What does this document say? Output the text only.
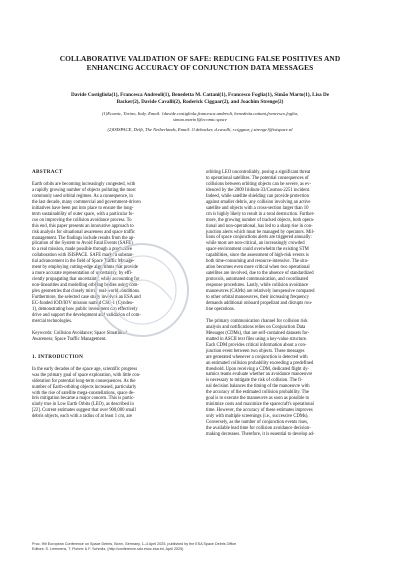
COLLABORATIVE VALIDATION OF SAFE: REDUCING FALSE POSITIVES AND
ENHANCING ACCURACY OF CONJUNCTION DATA MESSAGES
Davide Costigliola(1), Francesca Andreoli(1), Benedetta M. Cattani(1), Francesco Foglia(1), Simão Marto(1), Lisa De
Backer(2), Davide Cavalli(2), Roderick Ciggaar(2), and Joachim Strenge(2)
(1)Ecomic, Torino, Italy. Email: {davide.costigliola,francesca.andreoli, benedetta.cattani,francesco.foglia,
simao.marto}@ecomic.space
(2)ISISPACE, Delft, The Netherlands, Email: {l.debacker, d.cavalli, r.ciggaar, j.strenge}@isispace.nl
ABSTRACT
Earth orbits are becoming increasingly congested, with
a rapidly growing number of objects polluting the most
commonly used orbital regimes. As a consequence, in
the last decade, many commercial and government-driven
initiatives have been put into place to ensure the long-
term sustainability of outer space, with a particular fo-
cus on improving the collision avoidance process. To
this end, this paper presents an innovative approach to
risk analysis for situational awareness and space traffic
management. The findings include results from the ap-
plication of the System to Avoid Fatal Events (SAFE)
to a real mission, made possible through a productive
collaboration with ISISPACE. SAFE marks a substan-
tial advancement in the field of Space Traffic Manage-
ment by employing cutting-edge algorithms that provide
a more accurate representation of uncertainty, by effi-
ciently propagating that uncertainty, while accounting for
non-linearities and modelling orbiting bodies using com-
plex geometries that closely mirror real-world conditions.
Furthermore, the selected case study involves an ESA and
EC-funded IOD/IOV mission named CSC-1 (Cyndeo-
1), demonstrating how public investment can effectively
drive and support the development and validation of com-
mercial technologies.
Keywords: Collision Avoidance; Space Situational
Awareness; Space Traffic Management.
1. INTRODUCTION
In the early decades of the space age, scientific progress
was the primary goal of space exploration, with little con-
sideration for potential long-term consequences. As the
number of Earth-orbiting objects increased, particularly
with the rise of satellite mega-constellations, space de-
bris mitigation became a major concern. This is partic-
ularly true in Low Earth Orbits (LEO), as described in
[22]. Current estimates suggest that over 900,000 small
debris objects, each with a radius of at least 1 cm, are
orbiting LEO uncontrollably, posing a significant threat
to operational satellites. The potential consequences of
collisions between orbiting objects can be severe, as ev-
idenced by the 2009 Iridium-33/Cosmos-2251 incident.
Indeed, while satellite shielding can provide protection
against smaller debris, any collision involving an active
satellite and objects with a cross-section larger than 10
cm is highly likely to result in a total destruction. Further-
more, the growing number of tracked objects, both opera-
tional and non-operational, has led to a sharp rise in con-
junction alerts which must be managed by operators. Mil-
lions of space conjunctions alerts are triggered annually:
while most are non-critical, an increasingly crowded
space environment could overwhelm the existing STM
capabilities, since the assessment of high-risk events is
both time-consuming and resource-intensive. The situ-
ation becomes even more critical when two operational
satellites are involved, due to the absence of standardized
protocols, automated communication, and coordinated
response procedures. Lastly, while collision avoidance
manoeuvres (CAMs) are relatively inexpensive compared
to other orbital manoeuvres, their increasing frequency
demands additional onboard propellant and disrupts rou-
tine operations.
The primary communication channel for collision risk
analysis and notifications relies on Conjunction Data
Messages (CDMs), that are self-contained datasets for-
matted in ASCII text files using a key-value structure.
Each CDM provides critical information about a con-
junction event between two objects. These messages
are generated whenever a conjunction is detected with
an estimated collision probability exceeding a predefined
threshold. Upon receiving a CDM, dedicated flight dy-
namics teams evaluate whether an avoidance manoeuvre
is necessary to mitigate the risk of collision. The fi-
nal decision balances the timing of the manoeuvre with
the accuracy of the estimated collision probability. The
goal is to execute the manoeuvre as soon as possible to
minimize costs and maximize the spacecraft's operational
time. However, the accuracy of these estimates improves
only with multiple screenings (i.e., successive CDMs).
Conversely, as the number of conjunction events rises,
the available lead time for collision avoidance decision-
making decreases. Therefore, it is essential to develop ad-
Proc. 9th European Conference on Space Debris, Bonn, Germany, 1–4 April 2025, published by the ESA Space Debris Office
Editors: S. Lemmens, T. Flohrer & F. Schmitz, (http://conference.sdo.esoc.esa.int, April 2025)
